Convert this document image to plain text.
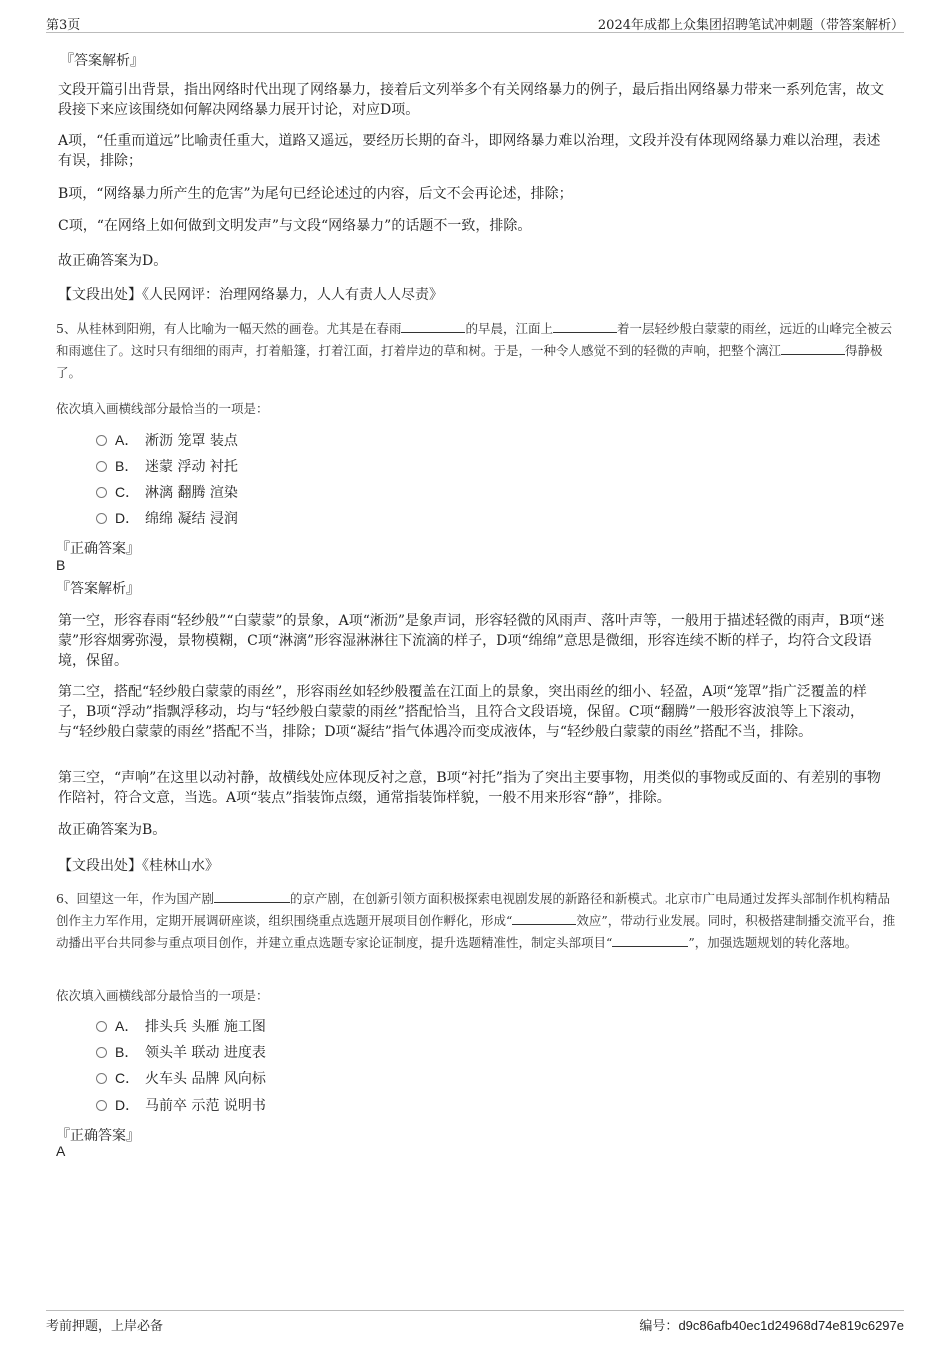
第3页	2024年成都上众集团招聘笔试冲刺题（带答案解析）
『答案解析』

文段开篇引出背景，指出网络时代出现了网络暴力，接着后文列举多个有关网络暴力的例子，最后指出网络暴力带来一系列危害，故文段接下来应该围绕如何解决网络暴力展开讨论，对应D项。

A项，“任重而道远”比喻责任重大，道路又遥远，要经历长期的奋斗，即网络暴力难以治理，文段并没有体现网络暴力难以治理，表述有误，排除；

B项，“网络暴力所产生的危害”为尾句已经论述过的内容，后文不会再论述，排除；

C项，“在网络上如何做到文明发声”与文段“网络暴力”的话题不一致，排除。

故正确答案为D。

【文段出处】《人民网评：治理网络暴力，人人有责人人尽责》

5、从桂林到阳朔，有人比喻为一幅天然的画卷。尤其是在春雨	的早晨，江面上	着一层轻纱般白蒙蒙的雨丝，远近的山峰完全被云和雨遮住了。这时只有细细的雨声，打着船篷，打着江面，打着岸边的草和树。于是，一种令人感觉不到的轻微的声响，把整个漓江	得静极了。

依次填入画横线部分最恰当的一项是：
A． 淅沥 笼罩 装点
B． 迷蒙 浮动 衬托
C． 淋漓 翻腾 渲染
D． 绵绵 凝结 浸润
『正确答案』
B
『答案解析』

第一空，形容春雨“轻纱般”“白蒙蒙”的景象，A项“淅沥”是象声词，形容轻微的风雨声、落叶声等，一般用于描述轻微的雨声，B项“迷蒙”形容烟雾弥漫，景物模糊，C项“淋漓”形容湿淋淋往下流滴的样子，D项“绵绵”意思是微细，形容连续不断的样子，均符合文段语境，保留。

第二空，搭配“轻纱般白蒙蒙的雨丝”，形容雨丝如轻纱般覆盖在江面上的景象，突出雨丝的细小、轻盈，A项“笼罩”指广泛覆盖的样子，B项“浮动”指飘浮移动，均与“轻纱般白蒙蒙的雨丝”搭配恰当，且符合文段语境，保留。C项“翻腾”一般形容波浪等上下滚动，与“轻纱般白蒙蒙的雨丝”搭配不当，排除；D项“凝结”指气体遇冷而变成液体，与“轻纱般白蒙蒙的雨丝”搭配不当，排除。

第三空，“声响”在这里以动衬静，故横线处应体现反衬之意，B项“衬托”指为了突出主要事物，用类似的事物或反面的、有差别的事物作陪衬，符合文意，当选。A项“装点”指装饰点缀，通常指装饰样貌，一般不用来形容“静”，排除。

故正确答案为B。

【文段出处】《桂林山水》

6、回望这一年，作为国产剧	的京产剧，在创新引领方面积极探索电视剧发展的新路径和新模式。北京市广电局通过发挥头部制作机构精品创作主力军作用，定期开展调研座谈，组织围绕重点选题开展项目创作孵化，形成“	效应”，带动行业发展。同时，积极搭建制播交流平台，推动播出平台共同参与重点项目创作，并建立重点选题专家论证制度，提升选题精准性，制定头部项目“	”，加强选题规划的转化落地。

依次填入画横线部分最恰当的一项是：
A． 排头兵 头雁 施工图
B． 领头羊 联动 进度表
C． 火车头 品牌 风向标
D． 马前卒 示范 说明书
『正确答案』
A
考前押题，上岸必备	编号：d9c86afb40ec1d24968d74e819c6297e
